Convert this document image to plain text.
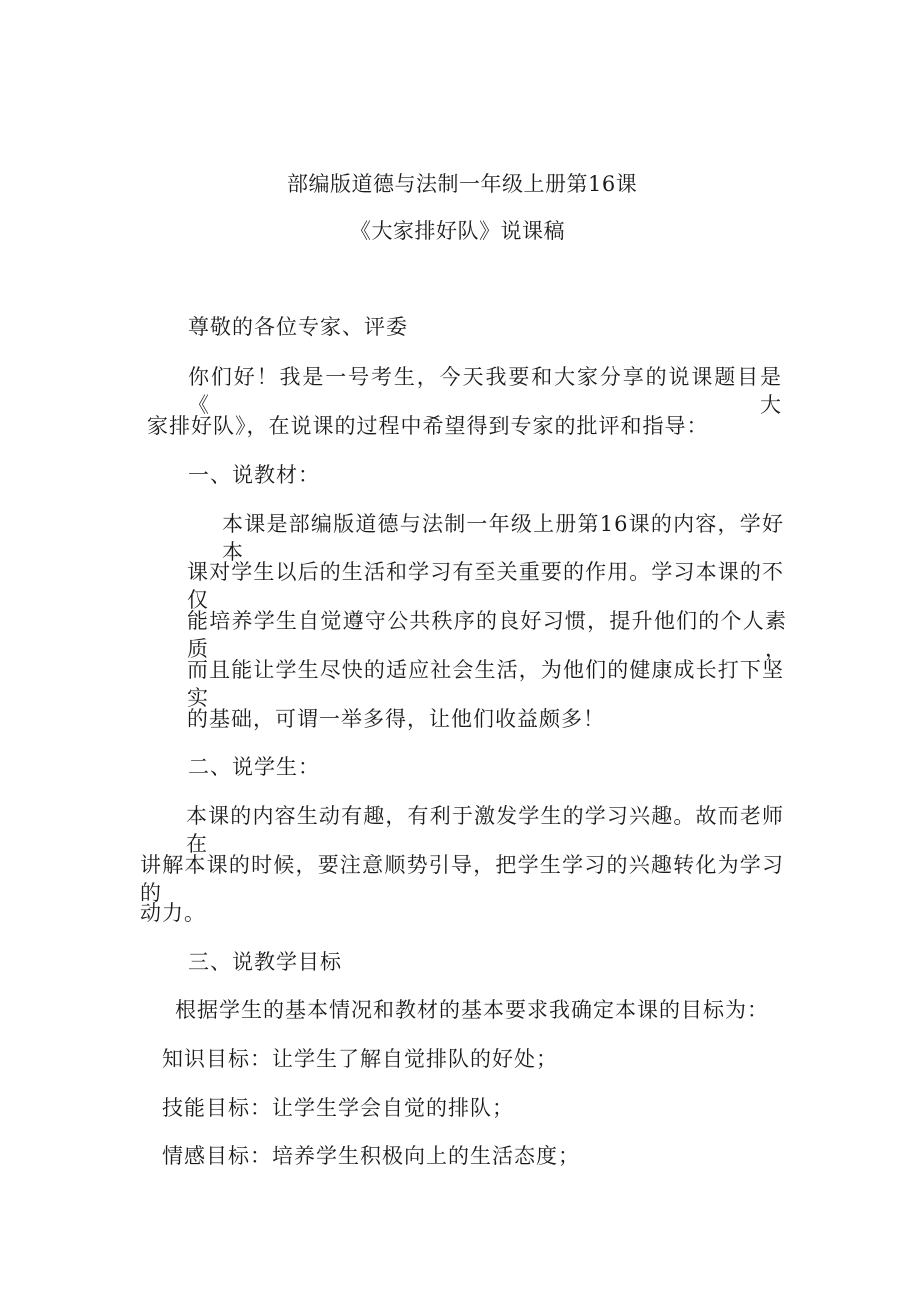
部编版道德与法制一年级上册第16课
《大家排好队》说课稿
尊敬的各位专家、评委
你们好！我是一号考生，今天我要和大家分享的说课题目是《大
家排好队》，在说课的过程中希望得到专家的批评和指导：
一、说教材：
本课是部编版道德与法制一年级上册第16课的内容，学好本
课对学生以后的生活和学习有至关重要的作用。学习本课的不仅
能培养学生自觉遵守公共秩序的良好习惯，提升他们的个人素质，
而且能让学生尽快的适应社会生活，为他们的健康成长打下坚实
的基础，可谓一举多得，让他们收益颇多！
二、说学生：
本课的内容生动有趣，有利于激发学生的学习兴趣。故而老师在
讲解本课的时候，要注意顺势引导，把学生学习的兴趣转化为学习的
动力。
三、说教学目标
根据学生的基本情况和教材的基本要求我确定本课的目标为：
知识目标：让学生了解自觉排队的好处；
技能目标：让学生学会自觉的排队；
情感目标：培养学生积极向上的生活态度；
